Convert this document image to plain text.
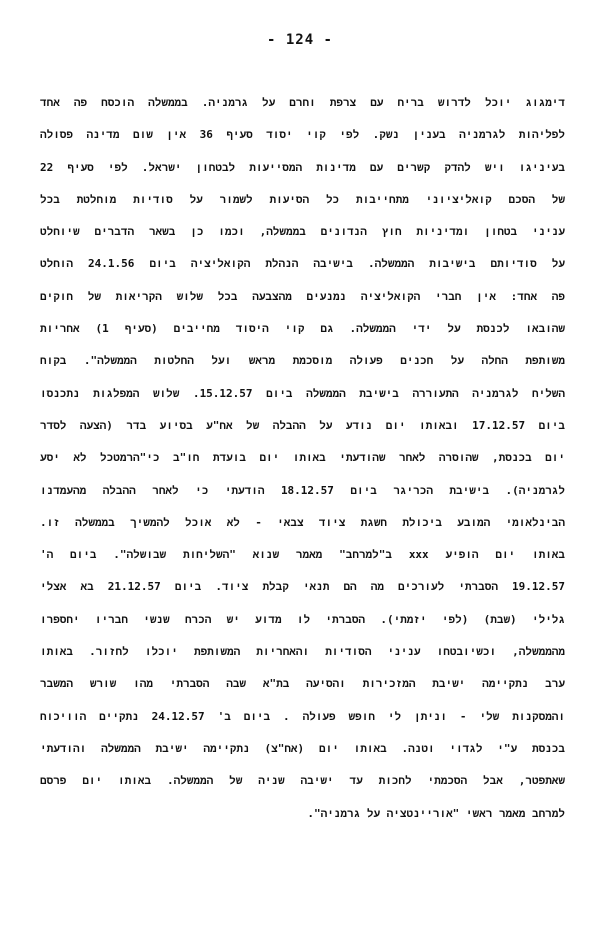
- 124 -
דימגוג יוכל לדרוש בריח עם צרפת וחרם על גרמניה. בממשלה הוכסח פה אחד
לפליהות לגרמניה בענין נשק. לפי קוי יסוד סעיף 36 אין שום מדינה פסולה
בעיניגו ויש להדק קשרים עם מדינות המסייעות לבטחון ישראל. לפי סעיף 22
של הסכם קואליציוני מתחייבות כל הסיעות לשמור על סודיות מוחלטת בכל
עניני בטחון ומדיניות חוץ הנדונים בממשלה, וכמו כן בשאר הדברים שיוחלט
על סודיותם בישיבות הממשלה. בישיבה הנהלת הקואליציה ביום 24.1.56 הוחלט
פה אחד: אין חברי הקואליציה נמנעים מהצבעה בכל שלוש הקריאות של חוקים
שהובאו לכנסת על ידי הממשלה. גם קוי היסוד מחייבים (סעיף 1) אחריות
משותפת החלה על חכנים פעולה מוסכמת מראש ועל החלטות הממשלה". בקוח
השליח לגרמניה התעוררה בישיבת הממשלה ביום 15.12.57. שלוש המפלגות נתכנסו
ביום 17.12.57 ובאותו יום נודע על ההבלה של אח"ע בסיוע בדר (הצעה לסדר
יום בכנסת, שהוסרה לאחר שהודעתי באותו יום בועדת חו"ב כי"הרמטכל לא יסע
לגרמניה). בישיבת הכריגר ביום 18.12.57 הודעתי כי לאחר ההבלה מהעמדנו
הבינלאומי המובע ביכולת חשגת ציוד צבאי - לא אוכל להמשיך בממשלה זו.
באותו יום הופיע xxx ב"למרחב" מאמר שנוא "השליחות שבושלה". ביום ה'
19.12.57 הסברתי לעורכים מה הם תנאי קבלת ציוד. ביום 21.12.57 בא אצלי
גלילי (שבת) (לפי יזמתי). הסברתי לו מדוע יש הכרח שנשי חבריו יחספרו
מהממשלה, וכשיובטחו עניני הסודיות והאחריות המשותפת יוכלו לחזור. באותו
ערב נתקיימה ישיבת המזכירות והסיעה בת"א שבה הסברתי מהו שורש המשבר
והמסקנות שלי - וניתן לי חופש פעולה . ביום ב' 24.12.57 נתקיים הוויכוח
בכנסת ע"י לגדוי וטנה. באותו יום (אח"צ) נתקיימה ישיבת הממשלה והודעתי
שאתפטר, אבל הסכמתי לחכות עד ישיבה שניה של הממשלה. באותו יום פרסם
למרחב מאמר ראשי "אוריינטציה על גרמניה".
